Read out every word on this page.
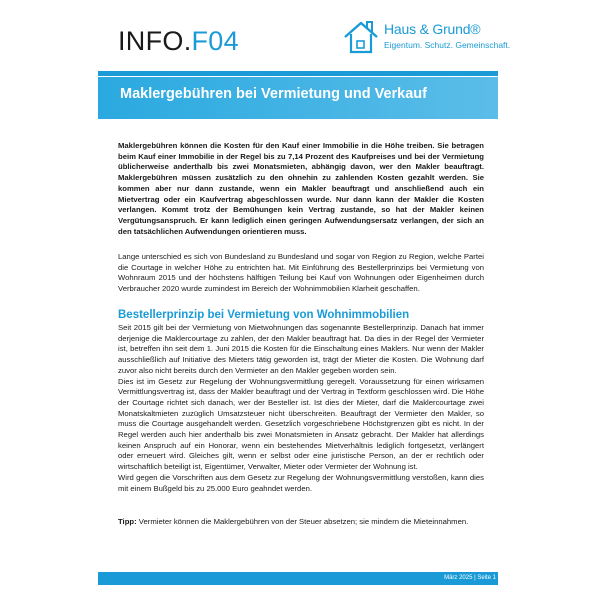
INFO.F04	Haus & Grund®
Eigentum. Schutz. Gemeinschaft.
Maklergebühren bei Vermietung und Verkauf

Maklergebühren können die Kosten für den Kauf einer Immobilie in die Höhe treiben. Sie betragen beim Kauf einer Immobilie in der Regel bis zu 7,14 Prozent des Kaufpreises und bei der Vermietung üblicherweise anderthalb bis zwei Monatsmieten, abhängig davon, wer den Makler beauftragt. Maklergebühren müssen zusätzlich zu den ohnehin zu zahlenden Kosten gezahlt werden. Sie kommen aber nur dann zustande, wenn ein Makler beauftragt und anschließend auch ein Mietvertrag oder ein Kaufvertrag abgeschlossen wurde. Nur dann kann der Makler die Kosten verlangen. Kommt trotz der Bemühungen kein Vertrag zustande, so hat der Makler keinen Vergütungsanspruch. Er kann lediglich einen geringen Aufwendungsersatz verlangen, der sich an den tatsächlichen Aufwendungen orientieren muss.

Lange unterschied es sich von Bundesland zu Bundesland und sogar von Region zu Region, welche Partei die Courtage in welcher Höhe zu entrichten hat. Mit Einführung des Bestellerprinzips bei Vermietung von Wohnraum 2015 und der höchstens hälftigen Teilung bei Kauf von Wohnungen oder Eigenheimen durch Verbraucher 2020 wurde zumindest im Bereich der Wohnimmobilien Klarheit geschaffen.

Bestellerprinzip bei Vermietung von Wohnimmobilien

Seit 2015 gilt bei der Vermietung von Mietwohnungen das sogenannte Bestellerprinzip. Danach hat immer derjenige die Maklercourtage zu zahlen, der den Makler beauftragt hat. Da dies in der Regel der Vermieter ist, betreffen ihn seit dem 1. Juni 2015 die Kosten für die Einschaltung eines Maklers. Nur wenn der Makler ausschließlich auf Initiative des Mieters tätig geworden ist, trägt der Mieter die Kosten. Die Wohnung darf zuvor also nicht bereits durch den Vermieter an den Makler gegeben worden sein.

Dies ist im Gesetz zur Regelung der Wohnungsvermittlung geregelt. Voraussetzung für einen wirksamen Vermittlungsvertrag ist, dass der Makler beauftragt und der Vertrag in Textform geschlossen wird. Die Höhe der Courtage richtet sich danach, wer der Besteller ist. Ist dies der Mieter, darf die Maklercourtage zwei Monatskaltmieten zuzüglich Umsatzsteuer nicht überschreiten. Beauftragt der Vermieter den Makler, so muss die Courtage ausgehandelt werden. Gesetzlich vorgeschriebene Höchstgrenzen gibt es nicht. In der Regel werden auch hier anderthalb bis zwei Monatsmieten in Ansatz gebracht. Der Makler hat allerdings keinen Anspruch auf ein Honorar, wenn ein bestehendes Mietverhältnis lediglich fortgesetzt, verlängert oder erneuert wird. Gleiches gilt, wenn er selbst oder eine juristische Person, an der er rechtlich oder wirtschaftlich beteiligt ist, Eigentümer, Verwalter, Mieter oder Vermieter der Wohnung ist.

Wird gegen die Vorschriften aus dem Gesetz zur Regelung der Wohnungsvermittlung verstoßen, kann dies mit einem Bußgeld bis zu 25.000 Euro geahndet werden.

Tipp: Vermieter können die Maklergebühren von der Steuer absetzen; sie mindern die Mieteinnahmen.

März 2025 | Seite 1
